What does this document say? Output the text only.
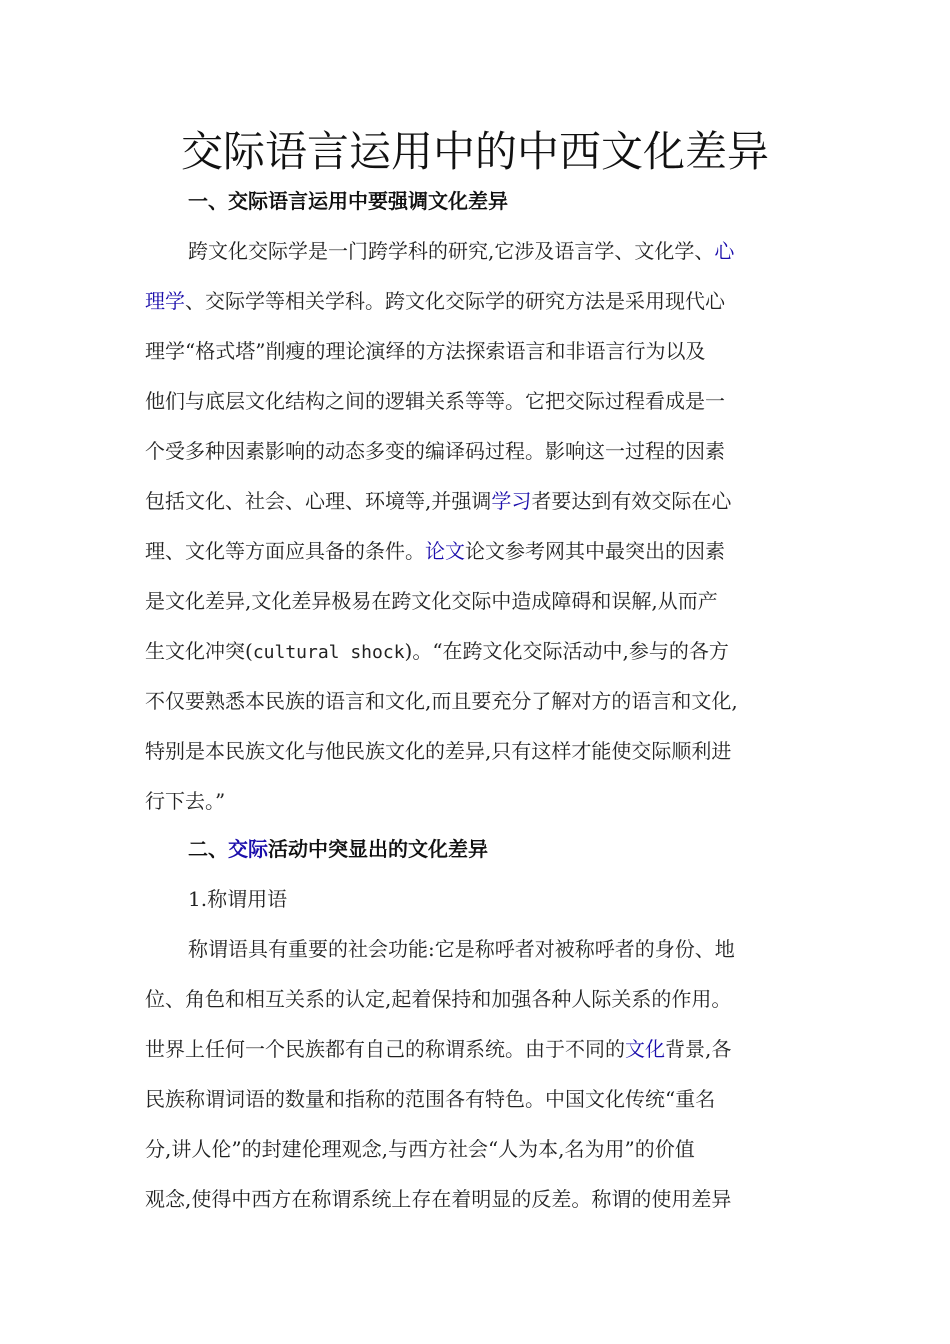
交际语言运用中的中西文化差异
一、交际语言运用中要强调文化差异

跨文化交际学是一门跨学科的研究,它涉及语言学、文化学、心

理学、交际学等相关学科。跨文化交际学的研究方法是采用现代心

理学“格式塔”削瘦的理论演绎的方法探索语言和非语言行为以及

他们与底层文化结构之间的逻辑关系等等。它把交际过程看成是一

个受多种因素影响的动态多变的编译码过程。影响这一过程的因素

包括文化、社会、心理、环境等,并强调学习者要达到有效交际在心

理、文化等方面应具备的条件。论文论文参考网其中最突出的因素

是文化差异,文化差异极易在跨文化交际中造成障碍和误解,从而产

生文化冲突(cultural shock)。“在跨文化交际活动中,参与的各方

不仅要熟悉本民族的语言和文化,而且要充分了解对方的语言和文化,

特别是本民族文化与他民族文化的差异,只有这样才能使交际顺利进

行下去。”

二、交际活动中突显出的文化差异

1.称谓用语

称谓语具有重要的社会功能:它是称呼者对被称呼者的身份、地

位、角色和相互关系的认定,起着保持和加强各种人际关系的作用。

世界上任何一个民族都有自己的称谓系统。由于不同的文化背景,各

民族称谓词语的数量和指称的范围各有特色。中国文化传统“重名

分,讲人伦”的封建伦理观念,与西方社会“人为本,名为用”的价值

观念,使得中西方在称谓系统上存在着明显的反差。称谓的使用差异
